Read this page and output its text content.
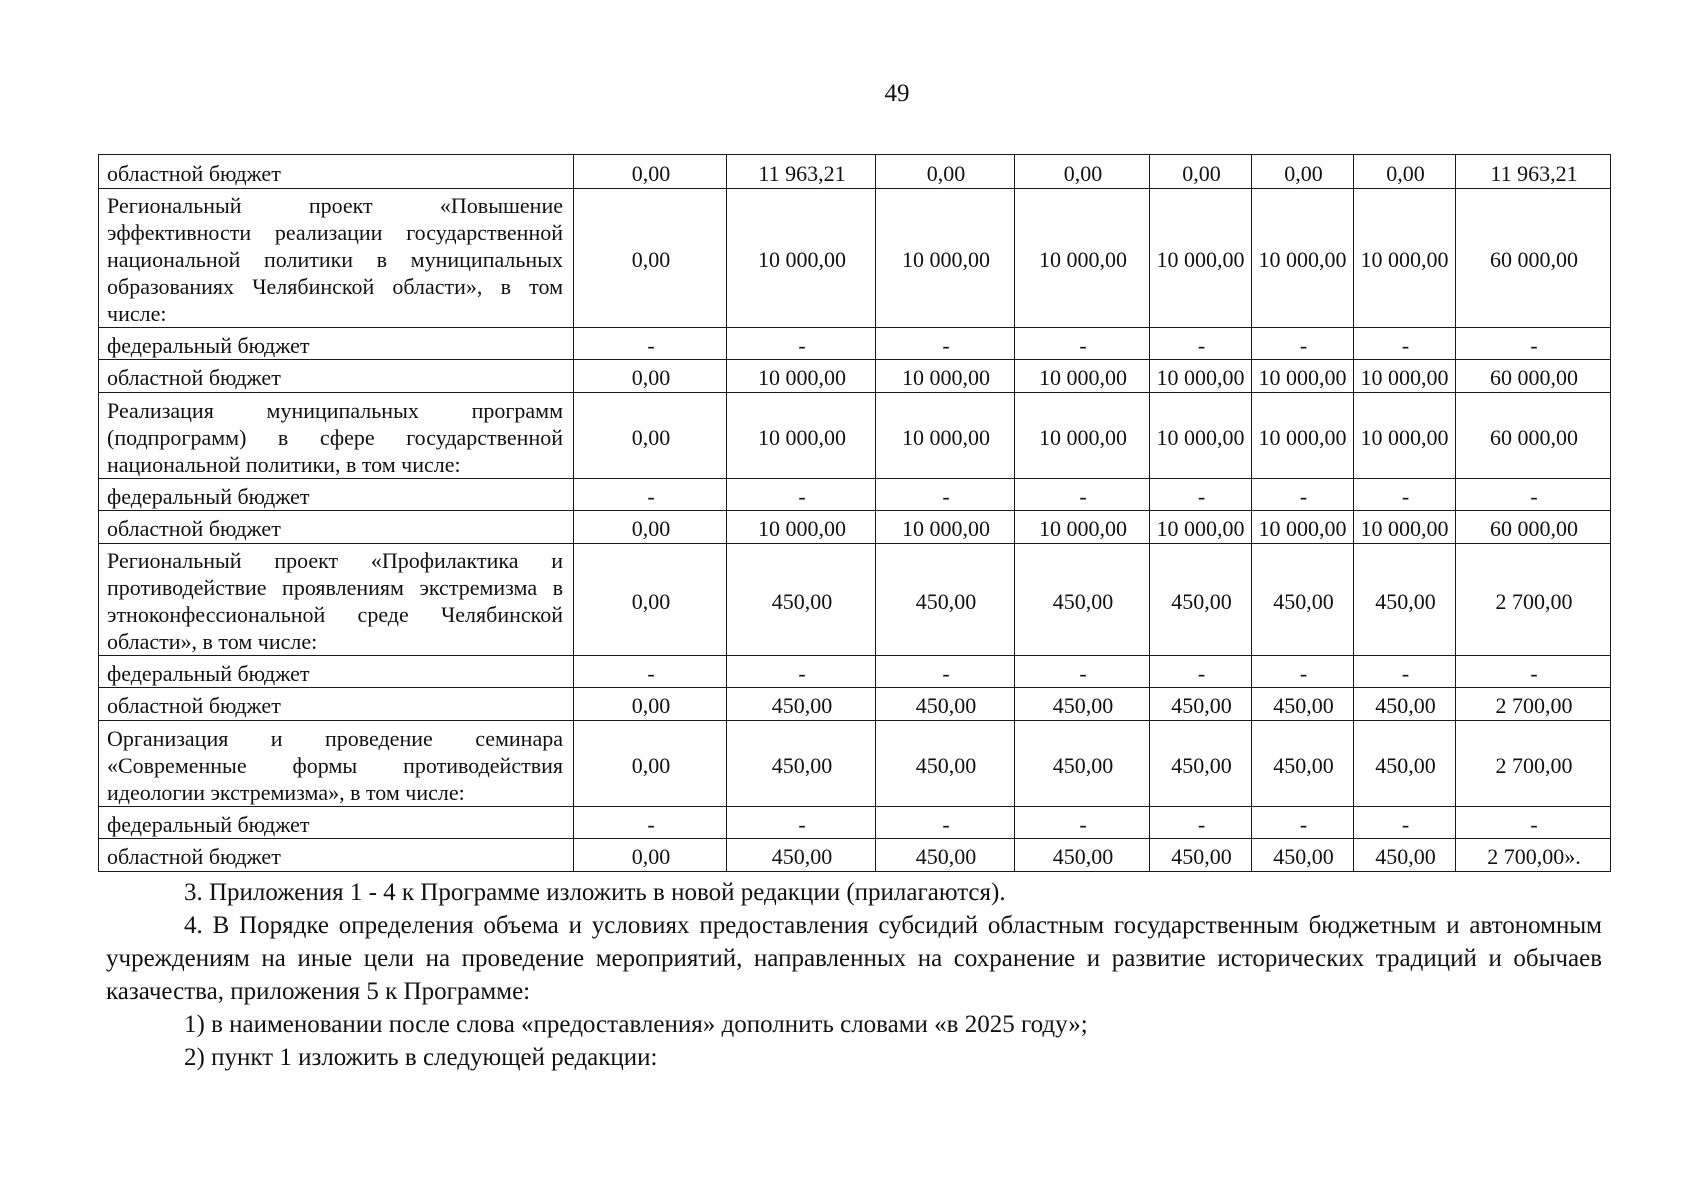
49
областной бюджет	0,00	11 963,21	0,00	0,00	0,00	0,00	0,00	11 963,21
Региональный проект «Повышение эффективности реализации государственной национальной политики в муниципальных образованиях Челябинской области», в том числе:	0,00	10 000,00	10 000,00	10 000,00	10 000,00	10 000,00	10 000,00	60 000,00
федеральный бюджет	-	-	-	-	-	-	-	-
областной бюджет	0,00	10 000,00	10 000,00	10 000,00	10 000,00	10 000,00	10 000,00	60 000,00
Реализация муниципальных программ (подпрограмм) в сфере государственной национальной политики, в том числе:	0,00	10 000,00	10 000,00	10 000,00	10 000,00	10 000,00	10 000,00	60 000,00
федеральный бюджет	-	-	-	-	-	-	-	-
областной бюджет	0,00	10 000,00	10 000,00	10 000,00	10 000,00	10 000,00	10 000,00	60 000,00
Региональный проект «Профилактика и противодействие проявлениям экстремизма в этноконфессиональной среде Челябинской области», в том числе:	0,00	450,00	450,00	450,00	450,00	450,00	450,00	2 700,00
федеральный бюджет	-	-	-	-	-	-	-	-
областной бюджет	0,00	450,00	450,00	450,00	450,00	450,00	450,00	2 700,00
Организация и проведение семинара «Современные формы противодействия идеологии экстремизма», в том числе:	0,00	450,00	450,00	450,00	450,00	450,00	450,00	2 700,00
федеральный бюджет	-	-	-	-	-	-	-	-
областной бюджет	0,00	450,00	450,00	450,00	450,00	450,00	450,00	2 700,00».

3. Приложения 1 - 4 к Программе изложить в новой редакции (прилагаются).

4. В Порядке определения объема и условиях предоставления субсидий областным государственным бюджетным и автономным учреждениям на иные цели на проведение мероприятий, направленных на сохранение и развитие исторических традиций и обычаев казачества, приложения 5 к Программе:

1) в наименовании после слова «предоставления» дополнить словами «в 2025 году»;

2) пункт 1 изложить в следующей редакции:
